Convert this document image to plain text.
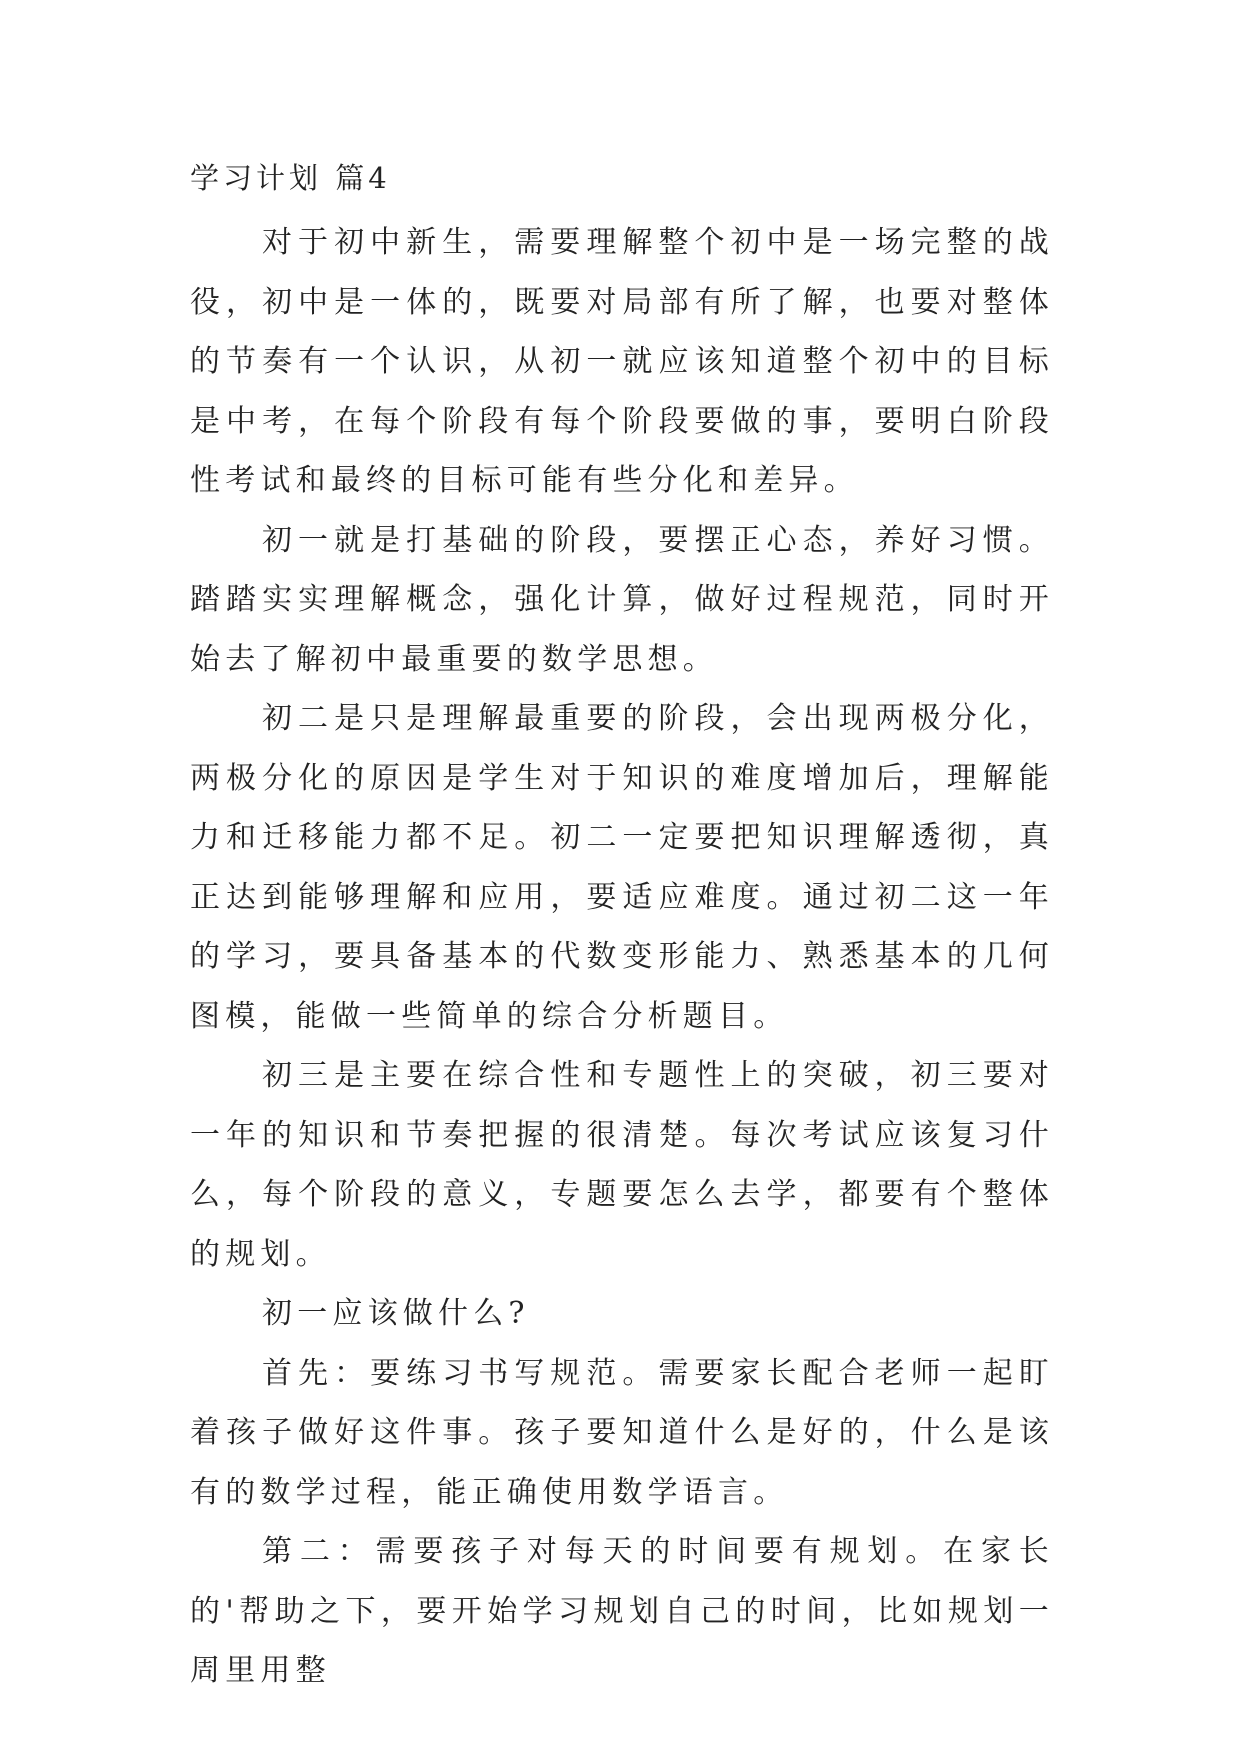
学习计划 篇4

对于初中新生，需要理解整个初中是一场完整的战役，初中是一体的，既要对局部有所了解，也要对整体的节奏有一个认识，从初一就应该知道整个初中的目标是中考，在每个阶段有每个阶段要做的事，要明白阶段性考试和最终的目标可能有些分化和差异。

初一就是打基础的阶段，要摆正心态，养好习惯。踏踏实实理解概念，强化计算，做好过程规范，同时开始去了解初中最重要的数学思想。

初二是只是理解最重要的阶段，会出现两极分化，两极分化的原因是学生对于知识的难度增加后，理解能力和迁移能力都不足。初二一定要把知识理解透彻，真正达到能够理解和应用，要适应难度。通过初二这一年的学习，要具备基本的代数变形能力、熟悉基本的几何图模，能做一些简单的综合分析题目。

初三是主要在综合性和专题性上的突破，初三要对一年的知识和节奏把握的很清楚。每次考试应该复习什么，每个阶段的意义，专题要怎么去学，都要有个整体的规划。

初一应该做什么?

首先：要练习书写规范。需要家长配合老师一起盯着孩子做好这件事。孩子要知道什么是好的，什么是该有的数学过程，能正确使用数学语言。

第二：需要孩子对每天的时间要有规划。在家长的'帮助之下，要开始学习规划自己的时间，比如规划一周里用整
